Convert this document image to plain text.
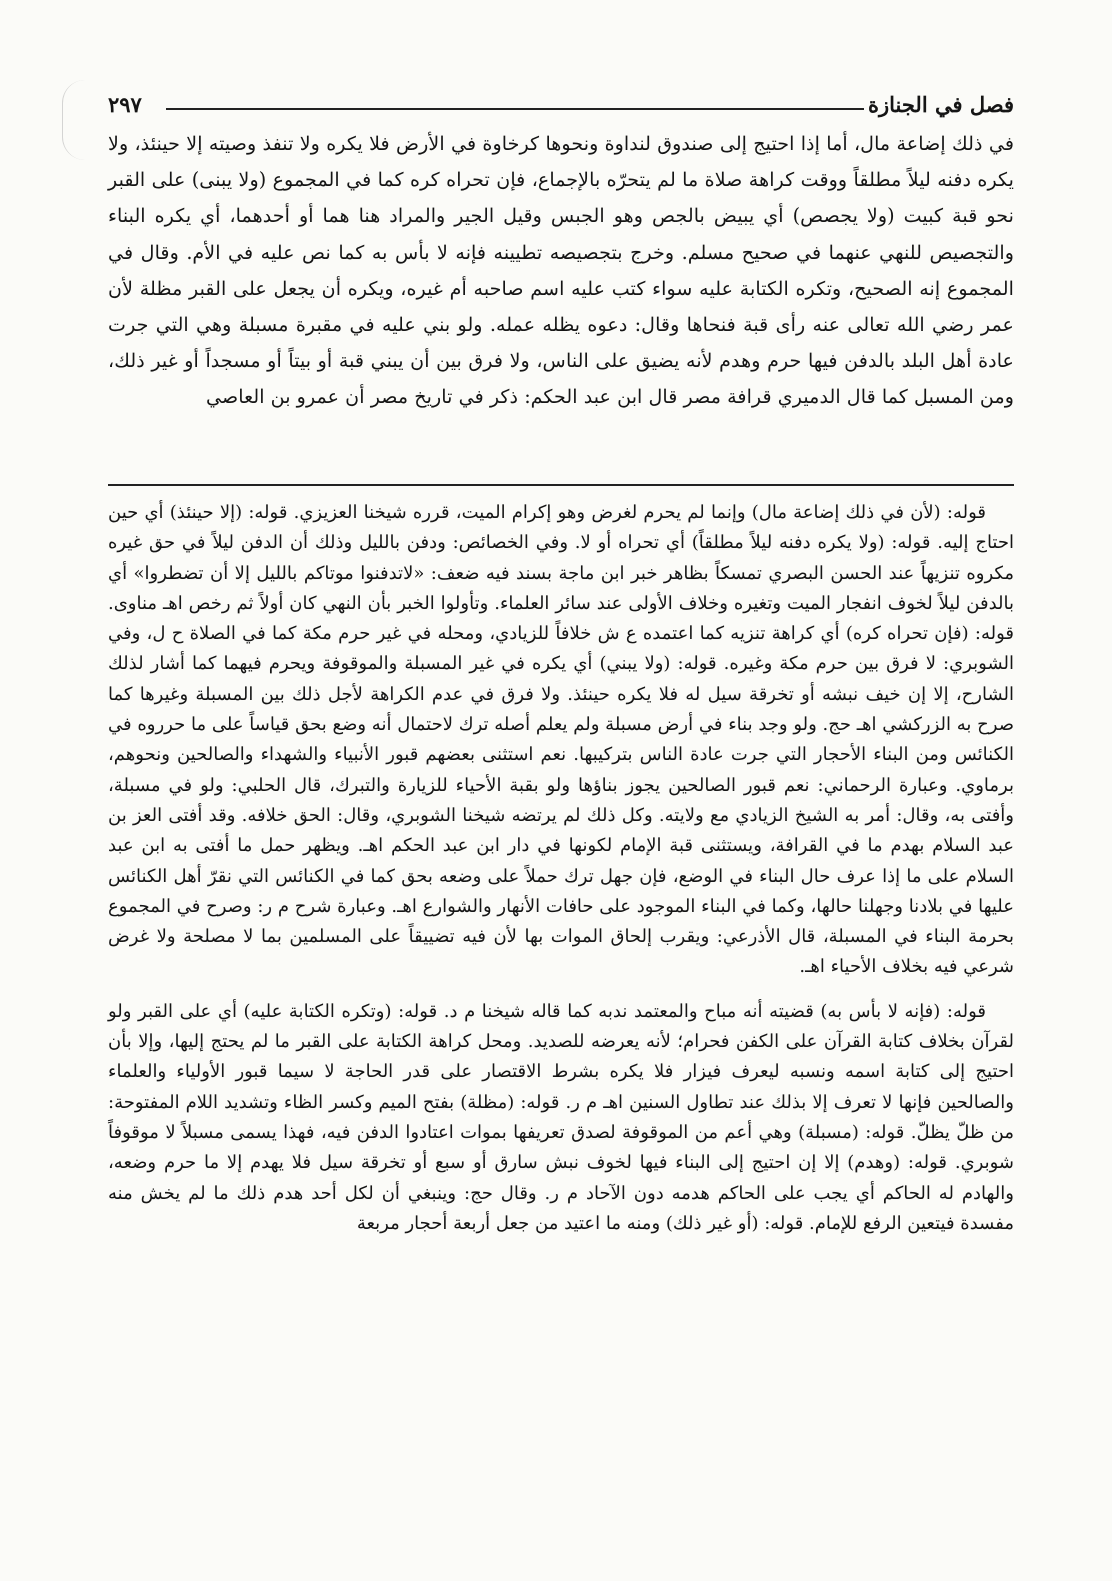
فصل في الجنازة
٢٩٧

في ذلك إضاعة مال، أما إذا احتيج إلى صندوق لنداوة ونحوها كرخاوة في الأرض فلا يكره ولا تنفذ وصيته إلا حينئذ، ولا يكره دفنه ليلاً مطلقاً ووقت كراهة صلاة ما لم يتحرّه بالإجماع، فإن تحراه كره كما في المجموع (ولا يبنى) على القبر نحو قبة كبيت (ولا يجصص) أي يبيض بالجص وهو الجبس وقيل الجير والمراد هنا هما أو أحدهما، أي يكره البناء والتجصيص للنهي عنهما في صحيح مسلم. وخرج بتجصيصه تطيينه فإنه لا بأس به كما نص عليه في الأم. وقال في المجموع إنه الصحيح، وتكره الكتابة عليه سواء كتب عليه اسم صاحبه أم غيره، ويكره أن يجعل على القبر مظلة لأن عمر رضي الله تعالى عنه رأى قبة فنحاها وقال: دعوه يظله عمله. ولو بني عليه في مقبرة مسبلة وهي التي جرت عادة أهل البلد بالدفن فيها حرم وهدم لأنه يضيق على الناس، ولا فرق بين أن يبني قبة أو بيتاً أو مسجداً أو غير ذلك، ومن المسبل كما قال الدميري قرافة مصر قال ابن عبد الحكم: ذكر في تاريخ مصر أن عمرو بن العاصي

قوله: (لأن في ذلك إضاعة مال) وإنما لم يحرم لغرض وهو إكرام الميت، قرره شيخنا العزيزي. قوله: (إلا حينئذ) أي حين احتاج إليه. قوله: (ولا يكره دفنه ليلاً مطلقاً) أي تحراه أو لا. وفي الخصائص: ودفن بالليل وذلك أن الدفن ليلاً في حق غيره مكروه تنزيهاً عند الحسن البصري تمسكاً بظاهر خبر ابن ماجة بسند فيه ضعف: «لاتدفنوا موتاكم بالليل إلا أن تضطروا» أي بالدفن ليلاً لخوف انفجار الميت وتغيره وخلاف الأولى عند سائر العلماء. وتأولوا الخبر بأن النهي كان أولاً ثم رخص اهـ مناوى. قوله: (فإن تحراه كره) أي كراهة تنزيه كما اعتمده ع ش خلافاً للزيادي، ومحله في غير حرم مكة كما في الصلاة ح ل، وفي الشوبري: لا فرق بين حرم مكة وغيره. قوله: (ولا يبني) أي يكره في غير المسبلة والموقوفة ويحرم فيهما كما أشار لذلك الشارح، إلا إن خيف نبشه أو تخرقة سيل له فلا يكره حينئذ. ولا فرق في عدم الكراهة لأجل ذلك بين المسبلة وغيرها كما صرح به الزركشي اهـ حج. ولو وجد بناء في أرض مسبلة ولم يعلم أصله ترك لاحتمال أنه وضع بحق قياساً على ما حرروه في الكنائس ومن البناء الأحجار التي جرت عادة الناس بتركيبها. نعم استثنى بعضهم قبور الأنبياء والشهداء والصالحين ونحوهم، برماوي. وعبارة الرحماني: نعم قبور الصالحين يجوز بناؤها ولو بقبة الأحياء للزيارة والتبرك، قال الحلبي: ولو في مسبلة، وأفتى به، وقال: أمر به الشيخ الزيادي مع ولايته. وكل ذلك لم يرتضه شيخنا الشوبري، وقال: الحق خلافه. وقد أفتى العز بن عبد السلام بهدم ما في القرافة، ويستثنى قبة الإمام لكونها في دار ابن عبد الحكم اهـ. ويظهر حمل ما أفتى به ابن عبد السلام على ما إذا عرف حال البناء في الوضع، فإن جهل ترك حملاً على وضعه بحق كما في الكنائس التي نقرّ أهل الكنائس عليها في بلادنا وجهلنا حالها، وكما في البناء الموجود على حافات الأنهار والشوارع اهـ. وعبارة شرح م ر: وصرح في المجموع بحرمة البناء في المسبلة، قال الأذرعي: ويقرب إلحاق الموات بها لأن فيه تضييقاً على المسلمين بما لا مصلحة ولا غرض شرعي فيه بخلاف الأحياء اهـ.

قوله: (فإنه لا بأس به) قضيته أنه مباح والمعتمد ندبه كما قاله شيخنا م د. قوله: (وتكره الكتابة عليه) أي على القبر ولو لقرآن بخلاف كتابة القرآن على الكفن فحرام؛ لأنه يعرضه للصديد. ومحل كراهة الكتابة على القبر ما لم يحتج إليها، وإلا بأن احتيج إلى كتابة اسمه ونسبه ليعرف فيزار فلا يكره بشرط الاقتصار على قدر الحاجة لا سيما قبور الأولياء والعلماء والصالحين فإنها لا تعرف إلا بذلك عند تطاول السنين اهـ م ر. قوله: (مظلة) بفتح الميم وكسر الظاء وتشديد اللام المفتوحة: من ظلّ يظلّ. قوله: (مسبلة) وهي أعم من الموقوفة لصدق تعريفها بموات اعتادوا الدفن فيه، فهذا يسمى مسبلاً لا موقوفاً شوبري. قوله: (وهدم) إلا إن احتيج إلى البناء فيها لخوف نبش سارق أو سبع أو تخرقة سيل فلا يهدم إلا ما حرم وضعه، والهادم له الحاكم أي يجب على الحاكم هدمه دون الآحاد م ر. وقال حج: وينبغي أن لكل أحد هدم ذلك ما لم يخش منه مفسدة فيتعين الرفع للإمام. قوله: (أو غير ذلك) ومنه ما اعتيد من جعل أربعة أحجار مربعة
